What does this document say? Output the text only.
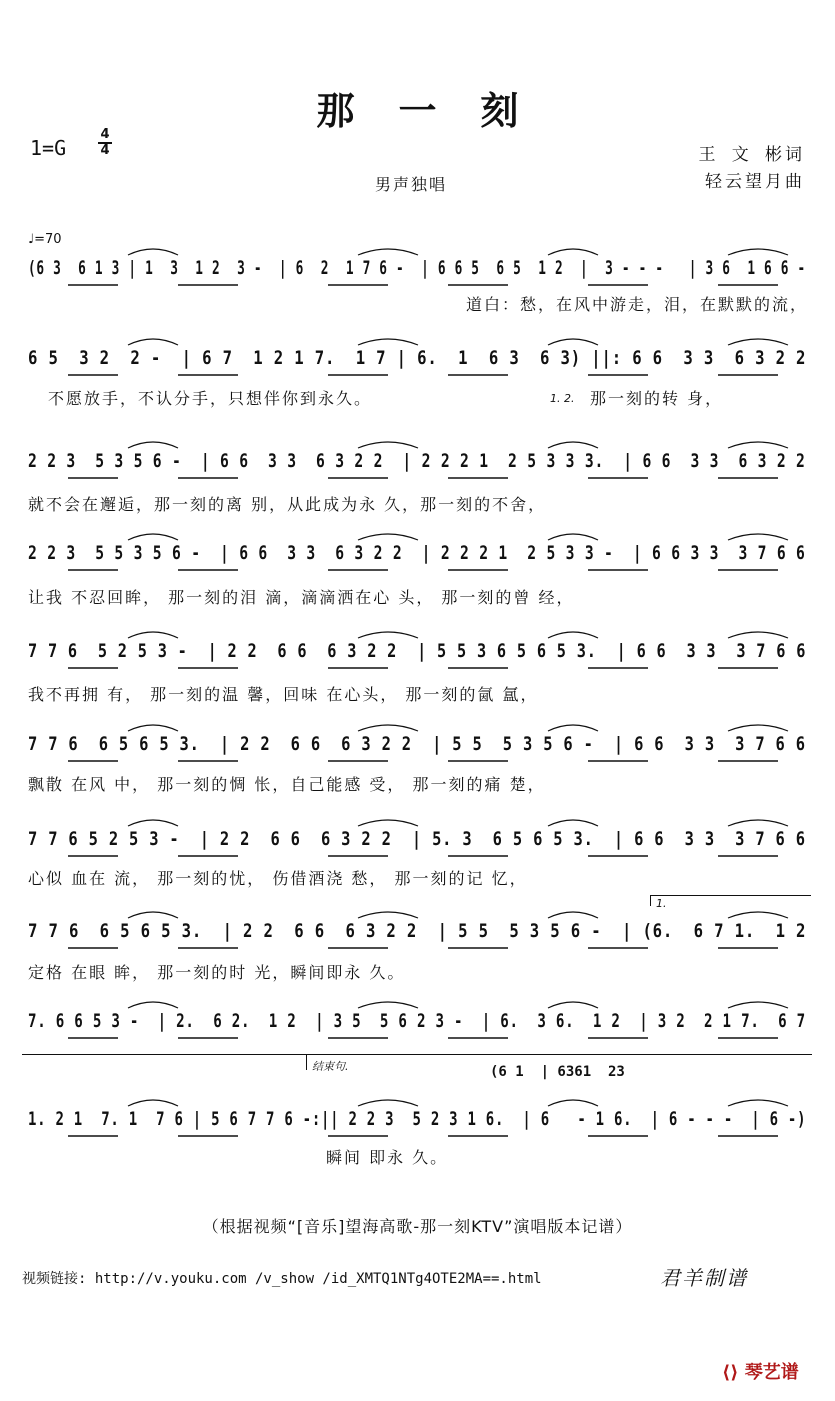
那一刻
1=G
4
4	王 文 彬词
轻云望月曲
男声独唱
♩=70
(6 3  6 1 3 | 1  3  1 2  3 -  | 6  2  1 7 6 -  | 6 6 5  6 5  1 2  |  3 - - -   | 3 6  1 6 6 -
道白：愁，在风中游走，泪，在默默的流，
6 5  3 2  2 -  | 6 7  1 2 1 7.  1 7 | 6.  1  6 3  6 3) ||: 6 6  3 3  6 3 2 2
不愿放手，不认分手，只想伴你到永久。	1. 2. 那一刻的转 身，
2 2 3  5 3 5 6 -  | 6 6  3 3  6 3 2 2  | 2 2 2 1  2 5 3 3 3.  | 6 6  3 3  6 3 2 2
就不会在邂逅，那一刻的离 别，从此成为永 久，那一刻的不舍，
2 2 3  5 5 3 5 6 -  | 6 6  3 3  6 3 2 2  | 2 2 2 1  2 5 3 3 -  | 6 6 3 3  3 7 6 6
让我 不忍回眸， 那一刻的泪 滴，滴滴洒在心 头， 那一刻的曾 经，
7 7 6  5 2 5 3 -  | 2 2  6 6  6 3 2 2  | 5 5 3 6 5 6 5 3.  | 6 6  3 3  3 7 6 6
我不再拥 有， 那一刻的温 馨，回味 在心头， 那一刻的氤 氲，
7 7 6  6 5 6 5 3.  | 2 2  6 6  6 3 2 2  | 5 5  5 3 5 6 -  | 6 6  3 3  3 7 6 6
飘散 在风 中， 那一刻的惆 怅，自己能感 受， 那一刻的痛 楚，
7 7 6 5 2 5 3 -  | 2 2  6 6  6 3 2 2  | 5. 3  6 5 6 5 3.  | 6 6  3 3  3 7 6 6
心似 血在 流， 那一刻的忧， 伤借酒浇 愁， 那一刻的记 忆，
1.
7 7 6  6 5 6 5 3.  | 2 2  6 6  6 3 2 2  | 5 5  5 3 5 6 -  | (6.  6 7 1.  1 2
定格 在眼 眸， 那一刻的时 光，瞬间即永 久。
7. 6 6 5 3 -  | 2.  6 2.  1 2  | 3 5  5 6 2 3 -  | 6.  3 6.  1 2  | 3 2  2 1 7.  6 7
结束句.	(6 1  | 6361  23
1. 2 1  7. 1  7 6 | 5 6 7 7 6 -:|| 2 2 3  5 2 3 1 6.  | 6   - 1 6.  | 6 - - -  | 6 -)
瞬间 即永 久。
（根据视频“[音乐]望海高歌-那一刻KTV”演唱版本记谱）
视频链接: http://v.youku.com /v_show /id_XMTQ1NTg4OTE2MA==.html	君羊制谱
⟨⟩ 琴艺谱
